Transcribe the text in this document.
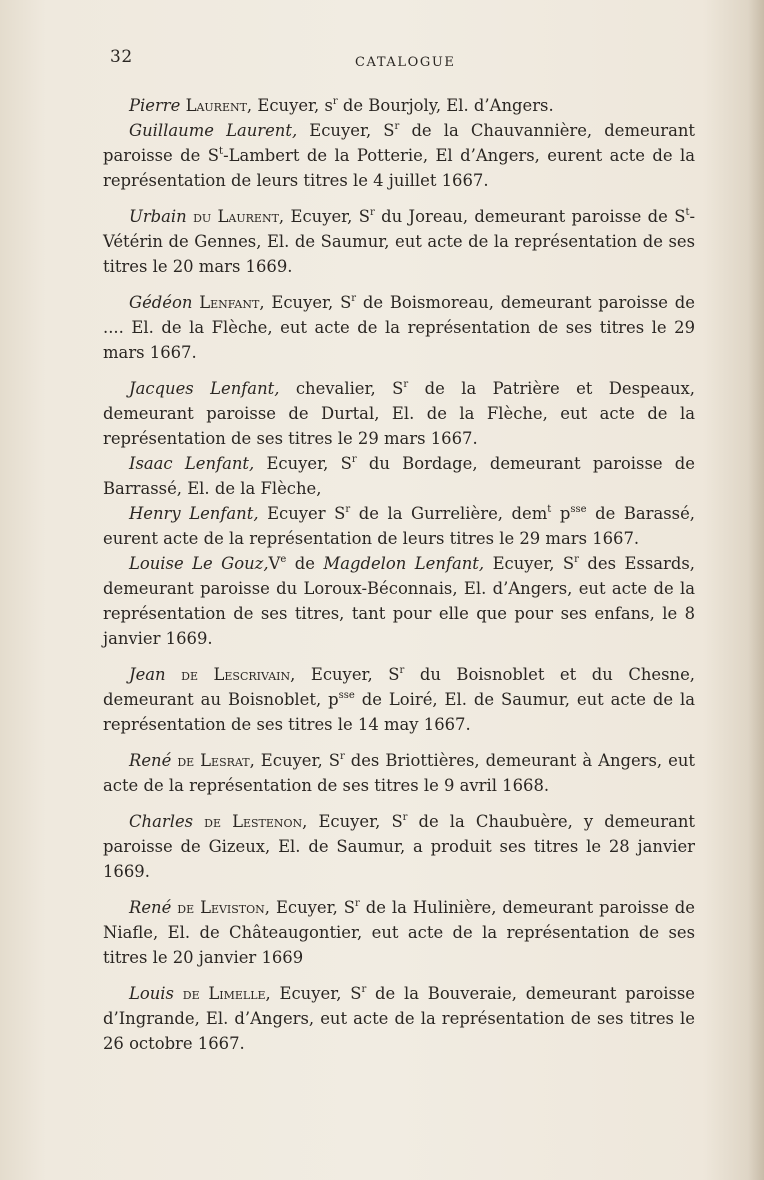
32	CATALOGUE

Pierre Laurent, Ecuyer, $s^r$ de Bourjoly, El. d’Angers.

Guillaume Laurent, Ecuyer, $S^r$ de la Chauvannière, demeurant paroisse de $S^t$-Lambert de la Potterie, El d’Angers, eurent acte de la représentation de leurs titres le 4 juillet 1667.

Urbain du Laurent, Ecuyer, $S^r$ du Joreau, demeurant paroisse de $S^t$-Vétérin de Gennes, El. de Saumur, eut acte de la représentation de ses titres le 20 mars 1669.

Gédéon Lenfant, Ecuyer, $S^r$ de Boismoreau, demeurant paroisse de .... El. de la Flèche, eut acte de la représentation de ses titres le 29 mars 1667.

Jacques Lenfant, chevalier, $S^r$ de la Patrière et Despeaux, demeurant paroisse de Durtal, El. de la Flèche, eut acte de la représentation de ses titres le 29 mars 1667.

Isaac Lenfant, Ecuyer, $S^r$ du Bordage, demeurant paroisse de Barrassé, El. de la Flèche,

Henry Lenfant, Ecuyer $S^r$ de la Gurrelière, dem$^t$ $p^{sse}$ de Barassé, eurent acte de la représentation de leurs titres le 29 mars 1667.

Louise Le Gouz,Ve de Magdelon Lenfant, Ecuyer, $S^r$ des Essards, demeurant paroisse du Loroux-Béconnais, El. d’Angers, eut acte de la représentation de ses titres, tant pour elle que pour ses enfans, le 8 janvier 1669.

Jean de Lescrivain, Ecuyer, $S^r$ du Boisnoblet et du Chesne, demeurant au Boisnoblet, $p^{sse}$ de Loiré, El. de Saumur, eut acte de la représentation de ses titres le 14 may 1667.

René de Lesrat, Ecuyer, $S^r$ des Briottières, demeurant à Angers, eut acte de la représentation de ses titres le 9 avril 1668.

Charles de Lestenon, Ecuyer, $S^r$ de la Chaubuère, y demeurant paroisse de Gizeux, El. de Saumur, a produit ses titres le 28 janvier 1669.

René de Leviston, Ecuyer, $S^r$ de la Hulinière, demeurant paroisse de Niafle, El. de Châteaugontier, eut acte de la représentation de ses titres le 20 janvier 1669

Louis de Limelle, Ecuyer, $S^r$ de la Bouveraie, demeurant paroisse d’Ingrande, El. d’Angers, eut acte de la représentation de ses titres le 26 octobre 1667.
